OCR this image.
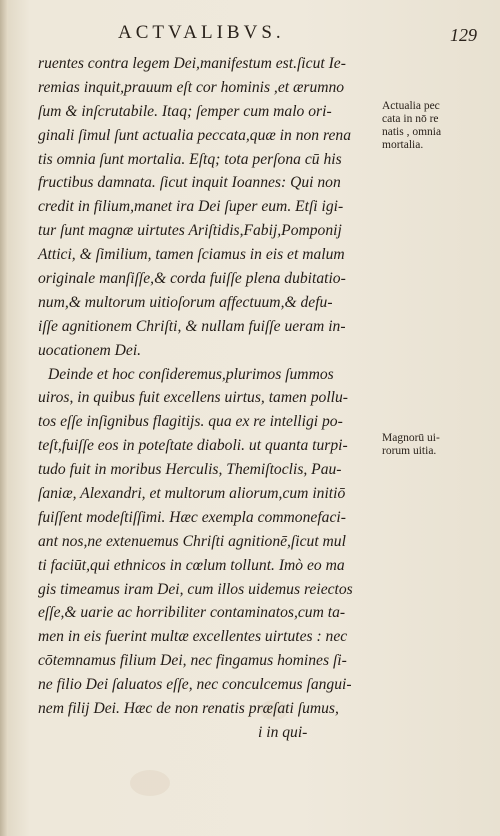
ACTVALIBVS.	129
ruentes contra legem Dei,manifestum est.ſicut Ie-
remias inquit,prauum eſt cor hominis ,et ærumno
ſum & inſcrutabile. Itaq; ſemper cum malo ori-
ginali ſimul ſunt actualia peccata,quæ in non rena
tis omnia ſunt mortalia. Eſtq; tota perſona cū his
fructibus damnata. ſicut inquit Ioannes: Qui non
credit in filium,manet ira Dei ſuper eum. Etſi igi-
tur ſunt magnæ uirtutes Ariſtidis,Fabij,Pomponij
Attici, & ſimilium, tamen ſciamus in eis et malum
originale manſiſſe,& corda fuiſſe plena dubitatio-
num,& multorum uitioſorum affectuum,& defu-
iſſe agnitionem Chriſti, & nullam fuiſſe ueram in-
uocationem Dei.
Deinde et hoc conſideremus,plurimos ſummos
uiros, in quibus fuit excellens uirtus, tamen pollu-
tos eſſe inſignibus flagitijs. qua ex re intelligi po-
teſt,fuiſſe eos in poteſtate diaboli. ut quanta turpi-
tudo fuit in moribus Herculis, Themiſtoclis, Pau-
ſaniæ, Alexandri, et multorum aliorum,cum initiō
fuiſſent modeſtiſſimi. Hæc exempla commonefaci-
ant nos,ne extenuemus Chriſti agnitionē,ſicut mul
ti faciūt,qui ethnicos in cœlum tollunt. Imò eo ma
gis timeamus iram Dei, cum illos uidemus reiectos
eſſe,& uarie ac horribiliter contaminatos,cum ta-
men in eis fuerint multæ excellentes uirtutes : nec
cōtemnamus filium Dei, nec fingamus homines ſi-
ne filio Dei ſaluatos eſſe, nec conculcemus ſangui-
nem filij Dei. Hæc de non renatis præſati ſumus,
i in qui-
Actualia pec
cata in nō re
natis , omnia
mortalia.
Magnorū ui-
rorum uitia.
